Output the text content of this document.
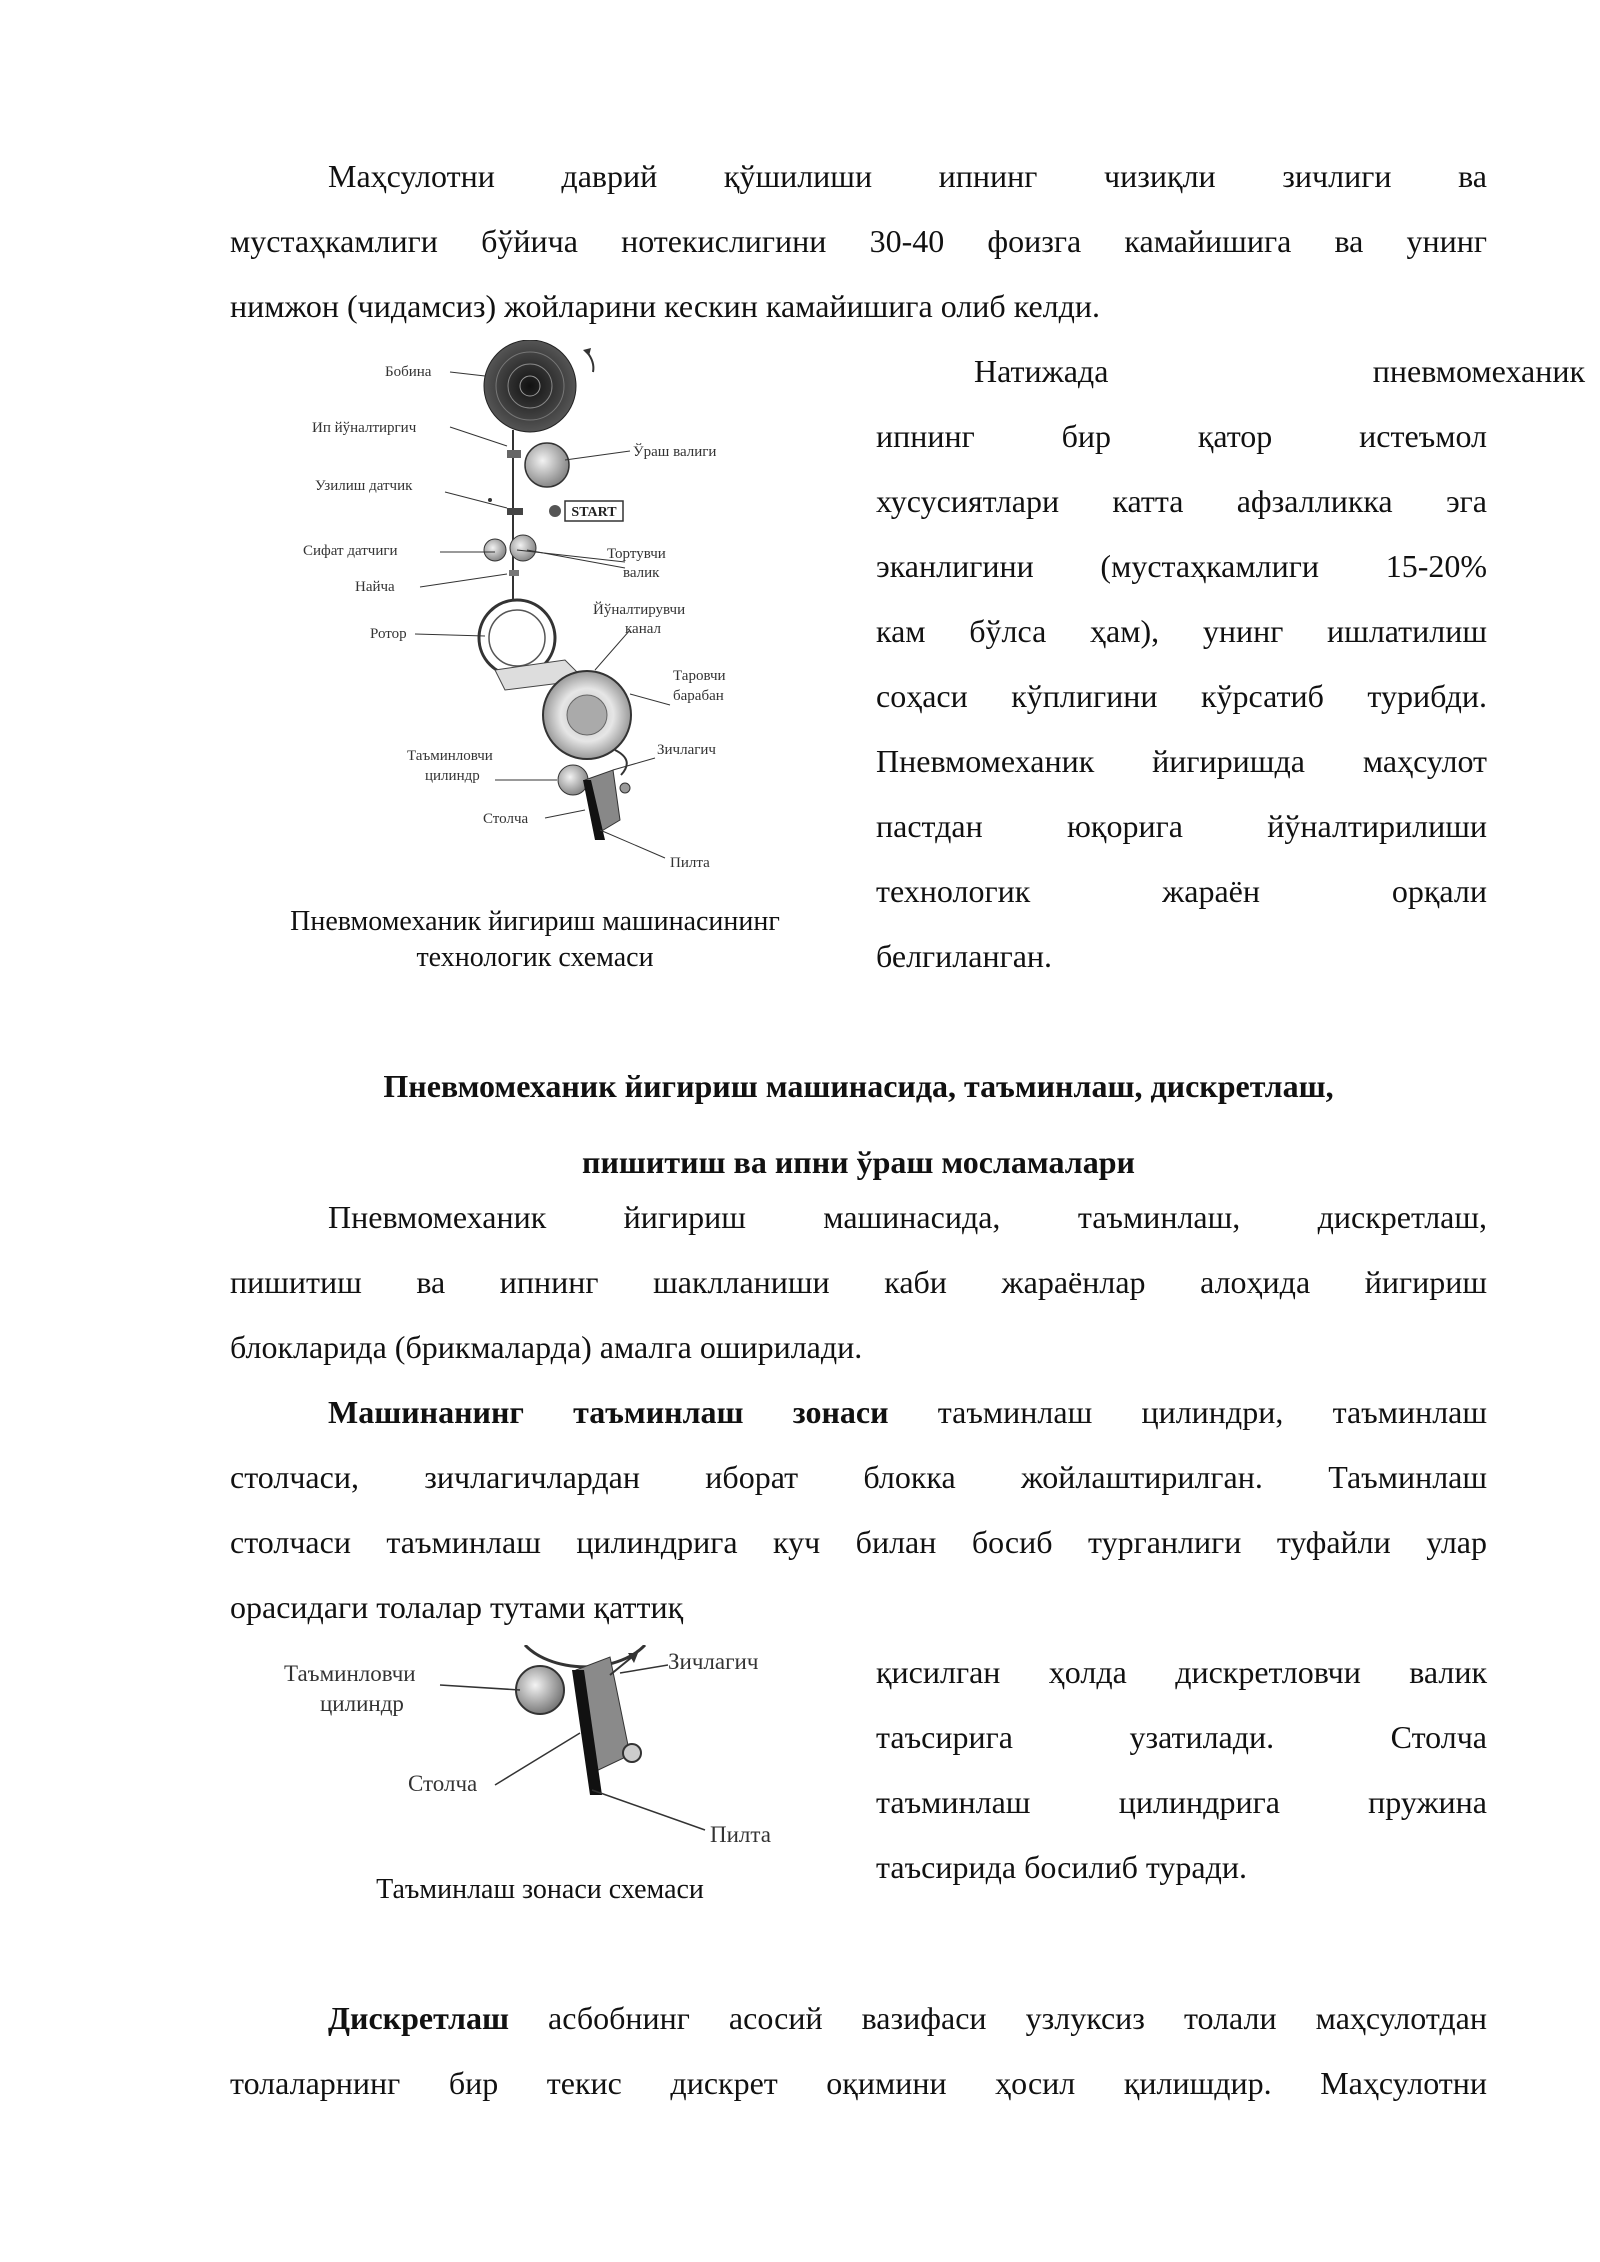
Маҳсулотни даврий қўшилиши ипнинг чизиқли зичлиги ва
мустаҳкамлиги бўйича нотекислигини 30-40 фоизга камайишига ва унинг
нимжон (чидамсиз) жойларини кескин камайишига олиб келди.
START
Бобина
Ип йўналтиргич
Ўраш валиги
Узилиш датчик
Сифат датчиги
Найча
Тортувчи
валик
Йўналтирувчи
канал
Ротор
Таровчи
барабан
Зичлагич
Таъминловчи
цилиндр
Столча
Пилта
Пневмомеханик йигириш машинасининг
технологик схемаси
Натижада пневмомеханик
ипнинг бир қатор истеъмол
хусусиятлари катта афзалликка эга
эканлигини (мустаҳкамлиги 15-20%
кам бўлса ҳам), унинг ишлатилиш
соҳаси кўплигини кўрсатиб турибди.
Пневмомеханик йигиришда маҳсулот
пастдан юқорига йўналтирилиши
технологик жараён орқали
белгиланган.
Пневмомеханик йигириш машинасида, таъминлаш, дискретлаш,
пишитиш ва ипни ўраш мосламалари
Пневмомеханик йигириш машинасида, таъминлаш, дискретлаш,
пишитиш ва ипнинг шаклланиши каби жараёнлар алоҳида йигириш
блокларида (брикмаларда) амалга оширилади.
Машинанинг таъминлаш зонаси таъминлаш цилиндри, таъминлаш
столчаси, зичлагичлардан иборат блокка жойлаштирилган. Таъминлаш
столчаси таъминлаш цилиндрига куч билан босиб турганлиги туфайли улар
орасидаги толалар тутами қаттиқ
Таъминловчи
цилиндр
Зичлагич
Столча
Пилта
Таъминлаш зонаси схемаси
қисилган ҳолда дискретловчи валик
таъсирига узатилади. Столча
таъминлаш цилиндрига пружина
таъсирида босилиб туради.
Дискретлаш асбобнинг асосий вазифаси узлуксиз толали маҳсулотдан
толаларнинг бир текис дискрет оқимини ҳосил қилишдир. Маҳсулотни
